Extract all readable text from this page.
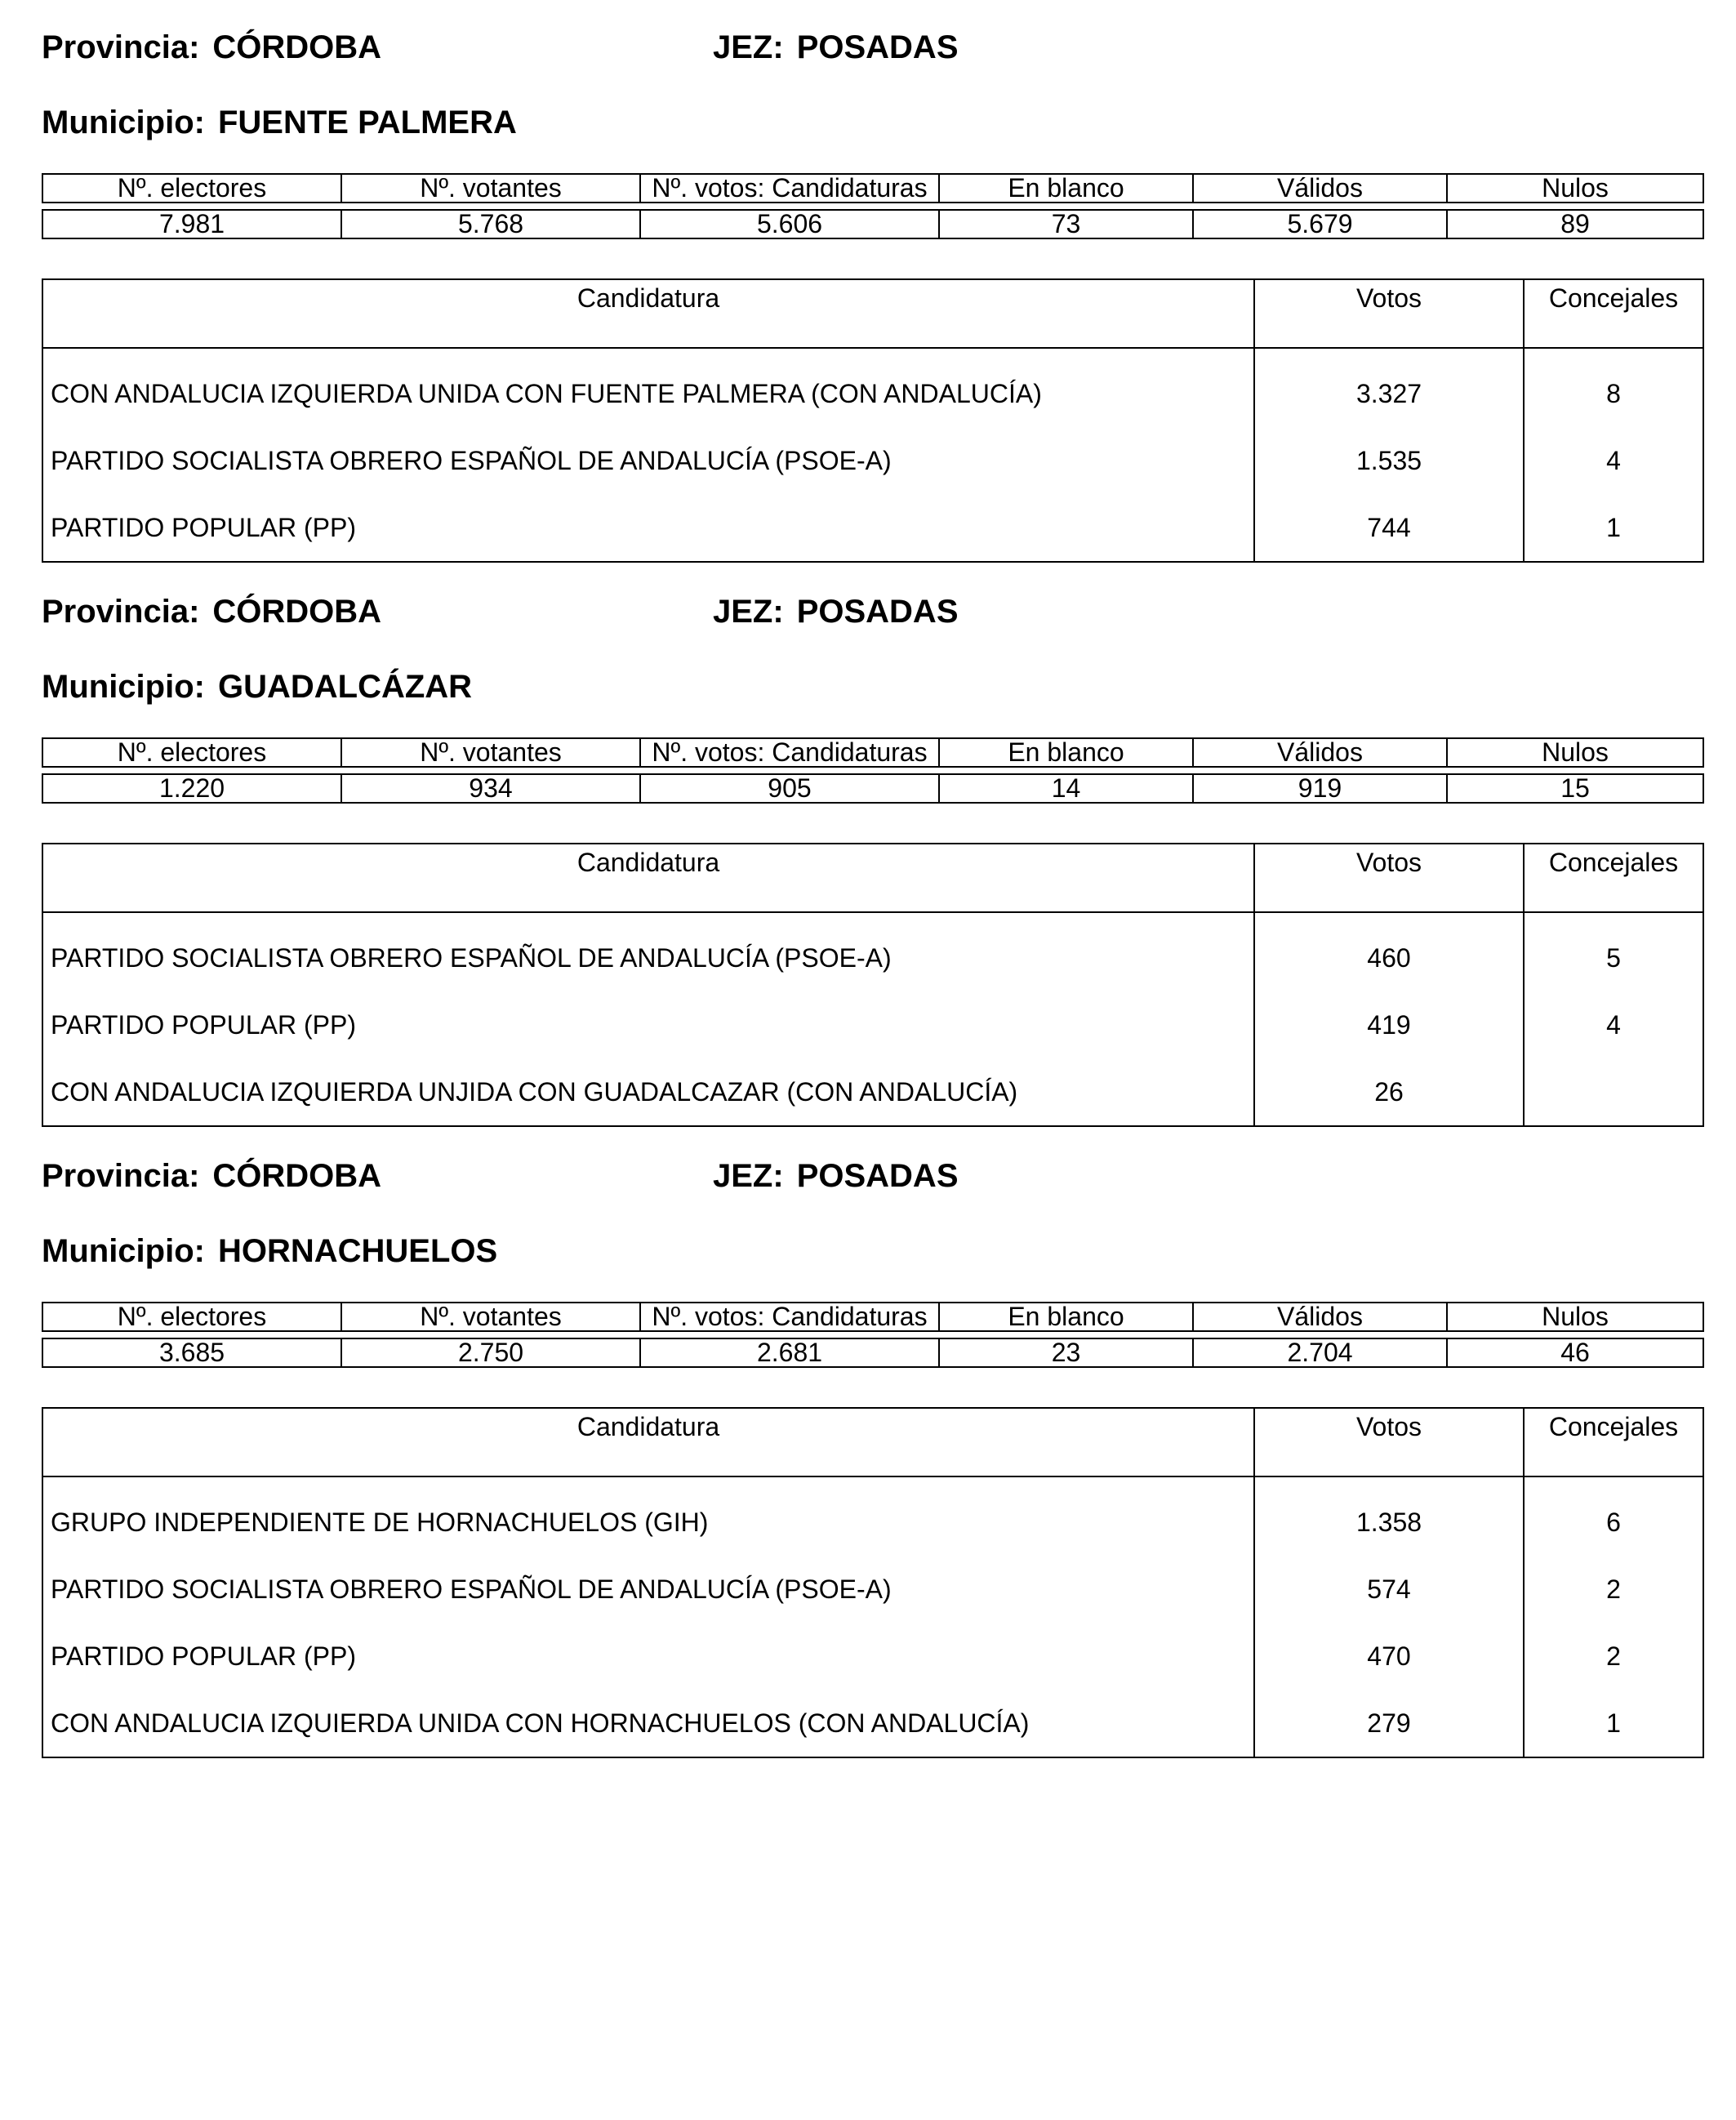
Provincia: CÓRDOBA	JEZ: POSADAS
Municipio: FUENTE PALMERA
Nº. electores	Nº. votantes	Nº. votos: Candidaturas	En blanco	Válidos	Nulos

7.981	5.768	5.606	73	5.679	89
Candidatura	Votos	Concejales
CON ANDALUCIA IZQUIERDA UNIDA CON FUENTE PALMERA (CON ANDALUCÍA)	3.327	8
PARTIDO SOCIALISTA OBRERO ESPAÑOL DE ANDALUCÍA (PSOE-A)	1.535	4
PARTIDO POPULAR (PP)	744	1
Provincia: CÓRDOBA	JEZ: POSADAS
Municipio: GUADALCÁZAR
Nº. electores	Nº. votantes	Nº. votos: Candidaturas	En blanco	Válidos	Nulos

1.220	934	905	14	919	15
Candidatura	Votos	Concejales
PARTIDO SOCIALISTA OBRERO ESPAÑOL DE ANDALUCÍA (PSOE-A)	460	5
PARTIDO POPULAR (PP)	419	4
CON ANDALUCIA IZQUIERDA UNJIDA CON GUADALCAZAR (CON ANDALUCÍA)	26	
Provincia: CÓRDOBA	JEZ: POSADAS
Municipio: HORNACHUELOS
Nº. electores	Nº. votantes	Nº. votos: Candidaturas	En blanco	Válidos	Nulos

3.685	2.750	2.681	23	2.704	46
Candidatura	Votos	Concejales
GRUPO INDEPENDIENTE DE HORNACHUELOS (GIH)	1.358	6
PARTIDO SOCIALISTA OBRERO ESPAÑOL DE ANDALUCÍA (PSOE-A)	574	2
PARTIDO POPULAR (PP)	470	2
CON ANDALUCIA IZQUIERDA UNIDA CON HORNACHUELOS (CON ANDALUCÍA)	279	1
